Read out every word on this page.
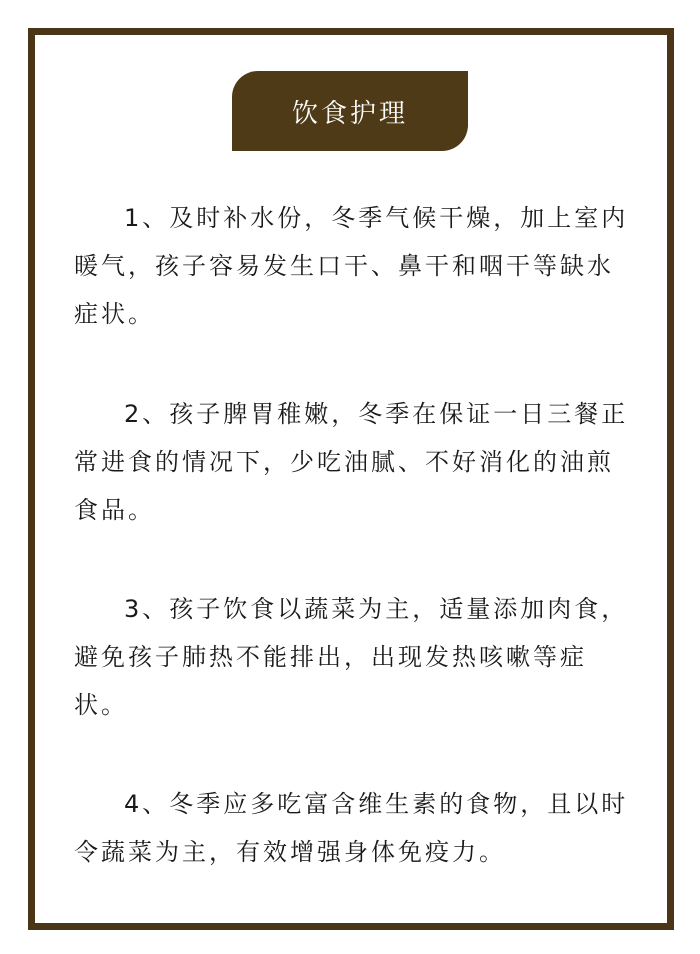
饮食护理

1、及时补水份，冬季气候干燥，加上室内暖气，孩子容易发生口干、鼻干和咽干等缺水症状。

2、孩子脾胃稚嫩，冬季在保证一日三餐正常进食的情况下，少吃油腻、不好消化的油煎食品。

3、孩子饮食以蔬菜为主，适量添加肉食，避免孩子肺热不能排出，出现发热咳嗽等症状。

4、冬季应多吃富含维生素的食物，且以时令蔬菜为主，有效增强身体免疫力。
